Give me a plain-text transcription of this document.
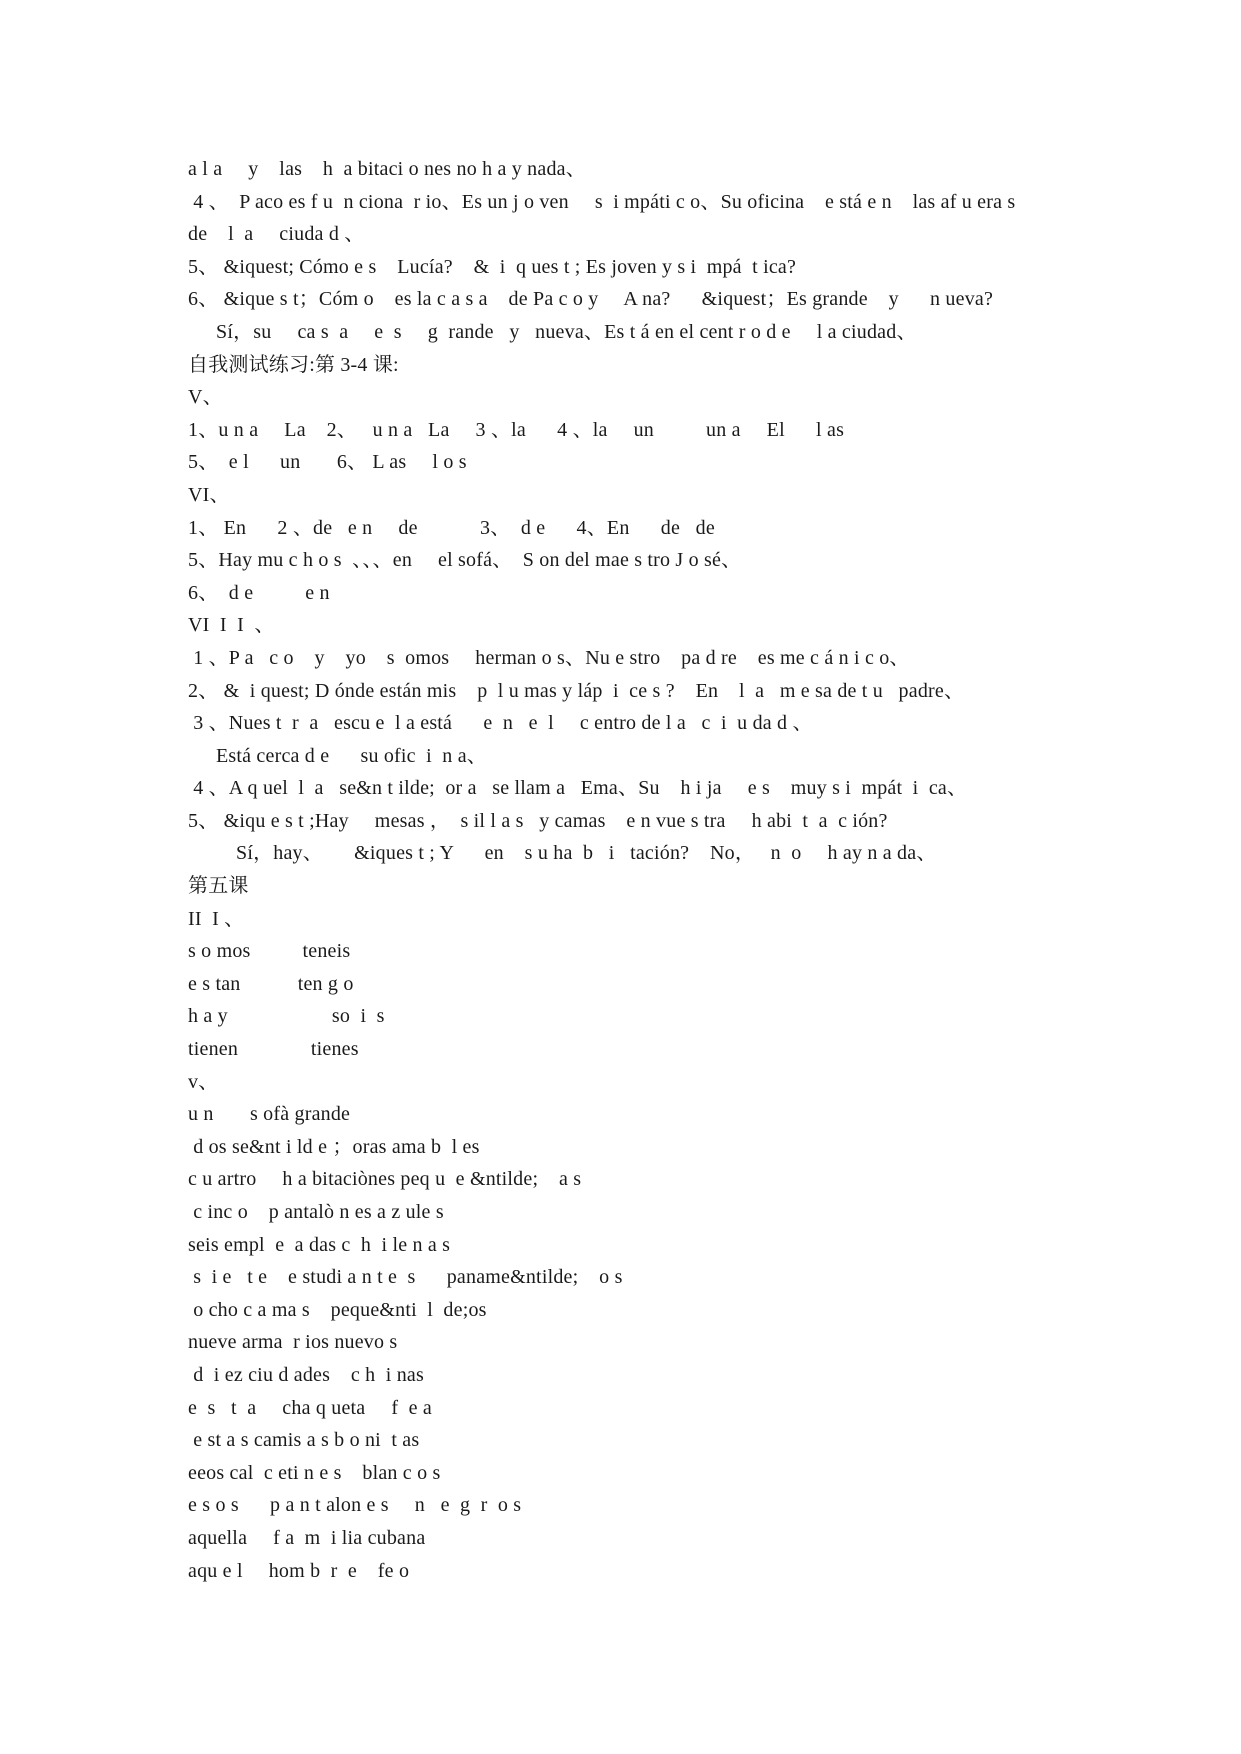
a l a     y    las    h  a bitaci o nes no h a y nada、
4 、  P aco es f u  n ciona  r io、Es un j o ven     s  i mpáti c o、Su oficina    e stá e n    las af u era s
de    l  a     ciuda d 、
5、 &iquest; Cómo e s    Lucía?    &  i  q ues t ; Es joven y s i  mpá  t ica?
6、 &ique s t；Cóm o    es la c a s a    de Pa c o y     A na?      &iquest；Es grande    y      n ueva?
Sí，su     ca s  a     e  s     g  rande   y   nueva、Es t á en el cent r o d e     l a ciudad、
自我测试练习:第 3-4 课:
V、
1、u n a     La    2、   u n a   La     3 、la      4 、la     un          un a     El      l as
5、  e l      un       6、 L as     l o s
VI、
1、 En      2 、de   e n     de            3、  d e      4、En      de   de
5、Hay mu c h o s  、、、en     el sofá、  S on del mae s tro J o sé、
6、  d e          e n
VI  I  I  、
1 、P a   c o    y    yo    s  omos     herman o s、Nu e stro    pa d re    es me c á n i c o、
2、 &  i quest; D ónde están mis    p  l u mas y láp  i  ce s ?    En    l  a   m e sa de t u   padre、
3 、Nues t  r  a   escu e  l a está      e  n   e  l     c entro de l a   c  i  u da d 、
Está cerca d e      su ofic  i  n a、
4 、A q uel  l  a   se&n t ilde;  or a   se llam a   Ema、Su    h i ja     e s    muy s i  mpát  i  ca、
5、 &iqu e s t ;Hay     mesas ，  s il l a s   y camas    e n vue s tra     h abi  t  a  c ión?
Sí，hay、      &iques t ; Y      en    s u ha  b   i   tación?    No，   n  o     h ay n a da、
第五课
II  I 、
s o mos          teneis
e s tan           ten g o
h a y                    so  i  s
tienen              tienes
v、
u n       s ofà grande
d os se&nt i ld e ；oras ama b  l es
c u artro     h a bitaciònes peq u  e &ntilde;    a s
c inc o    p antalò n es a z ule s
seis empl  e  a das c  h  i le n a s
s  i e   t e    e studi a n t e  s      paname&ntilde;    o s
o cho c a ma s    peque&nti  l  de;os
nueve arma  r ios nuevo s
d  i ez ciu d ades    c h  i nas
e  s   t  a     cha q ueta     f  e a
e st a s camis a s b o ni  t as
eeos cal  c eti n e s    blan c o s
e s o s      p a n t alon e s     n   e  g  r  o s
aquella     f a  m  i lia cubana
aqu e l     hom b  r  e    fe o
